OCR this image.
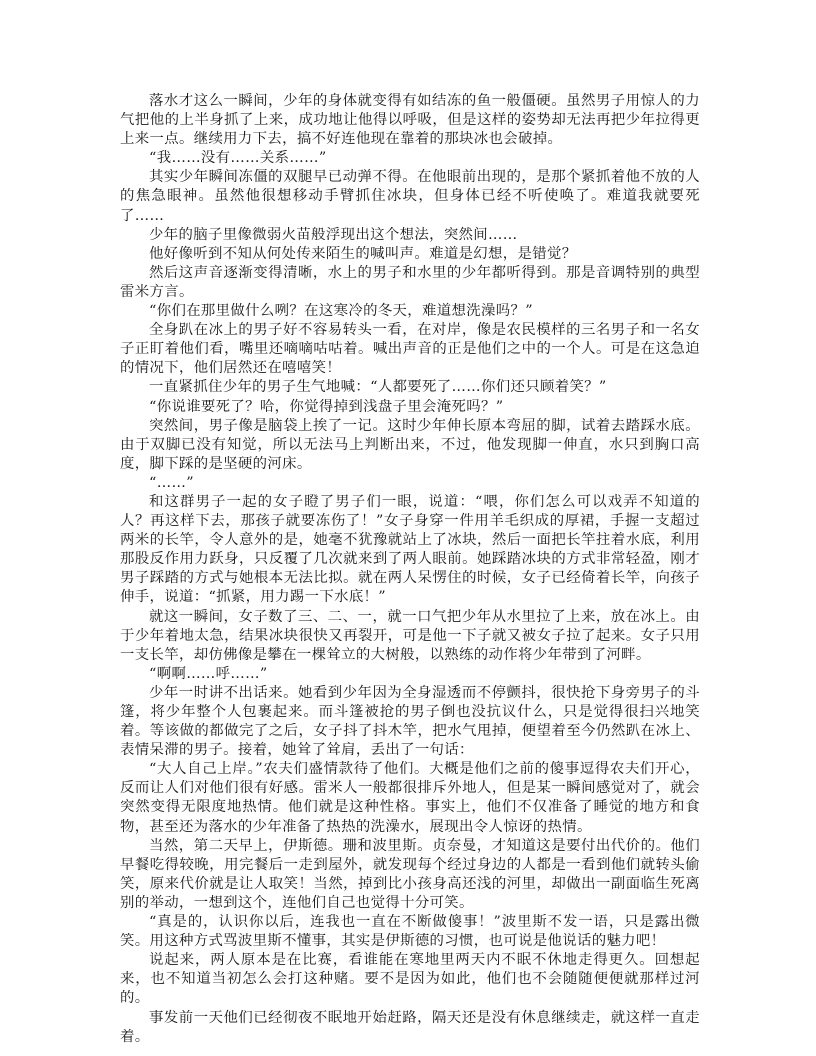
落水才这么一瞬间，少年的身体就变得有如结冻的鱼一般僵硬。虽然男子用惊人的力气把他的上半身抓了上来，成功地让他得以呼吸，但是这样的姿势却无法再把少年拉得更上来一点。继续用力下去，搞不好连他现在靠着的那块冰也会破掉。

“我……没有……关系……”

其实少年瞬间冻僵的双腿早已动弹不得。在他眼前出现的，是那个紧抓着他不放的人的焦急眼神。虽然他很想移动手臂抓住冰块，但身体已经不听使唤了。难道我就要死了……

少年的脑子里像微弱火苗般浮现出这个想法，突然间……

他好像听到不知从何处传来陌生的喊叫声。难道是幻想，是错觉？

然后这声音逐渐变得清晰，水上的男子和水里的少年都听得到。那是音调特别的典型雷米方言。

“你们在那里做什么咧？在这寒冷的冬天，难道想洗澡吗？”

全身趴在冰上的男子好不容易转头一看，在对岸，像是农民模样的三名男子和一名女子正盯着他们看，嘴里还嘀嘀咕咕着。喊出声音的正是他们之中的一个人。可是在这急迫的情况下，他们居然还在嘻嘻笑！

一直紧抓住少年的男子生气地喊：“人都要死了……你们还只顾着笑？”

“你说谁要死了？哈，你觉得掉到浅盘子里会淹死吗？”

突然间，男子像是脑袋上挨了一记。这时少年伸长原本弯屈的脚，试着去踏踩水底。由于双脚已没有知觉，所以无法马上判断出来，不过，他发现脚一伸直，水只到胸口高度，脚下踩的是坚硬的河床。

“……”

和这群男子一起的女子瞪了男子们一眼，说道：“喂，你们怎么可以戏弄不知道的人？再这样下去，那孩子就要冻伤了！”女子身穿一件用羊毛织成的厚裙，手握一支超过两米的长竿，令人意外的是，她毫不犹豫就站上了冰块，然后一面把长竿拄着水底，利用那股反作用力跃身，只反覆了几次就来到了两人眼前。她踩踏冰块的方式非常轻盈，刚才男子踩踏的方式与她根本无法比拟。就在两人呆愣住的时候，女子已经倚着长竿，向孩子伸手，说道：“抓紧，用力踢一下水底！”

就这一瞬间，女子数了三、二、一，就一口气把少年从水里拉了上来，放在冰上。由于少年着地太急，结果冰块很快又再裂开，可是他一下子就又被女子拉了起来。女子只用一支长竿，却仿佛像是攀在一棵耸立的大树般，以熟练的动作将少年带到了河畔。

“啊啊……呼……”

少年一时讲不出话来。她看到少年因为全身湿透而不停颤抖，很快抢下身旁男子的斗篷，将少年整个人包裹起来。而斗篷被抢的男子倒也没抗议什么，只是觉得很扫兴地笑着。等该做的都做完了之后，女子抖了抖木竿，把水气甩掉，便望着至今仍然趴在冰上、表情呆滞的男子。接着，她耸了耸肩，丢出了一句话：

“大人自己上岸。”农夫们盛情款待了他们。大概是他们之前的傻事逗得农夫们开心，反而让人们对他们很有好感。雷米人一般都很排斥外地人，但是某一瞬间感觉对了，就会突然变得无限度地热情。他们就是这种性格。事实上，他们不仅准备了睡觉的地方和食物，甚至还为落水的少年准备了热热的洗澡水，展现出令人惊讶的热情。

当然，第二天早上，伊斯德。珊和波里斯。贞奈曼，才知道这是要付出代价的。他们早餐吃得较晚，用完餐后一走到屋外，就发现每个经过身边的人都是一看到他们就转头偷笑，原来代价就是让人取笑！当然，掉到比小孩身高还浅的河里，却做出一副面临生死离别的举动，一想到这个，连他们自己也觉得十分可笑。

“真是的，认识你以后，连我也一直在不断做傻事！”波里斯不发一语，只是露出微笑。用这种方式骂波里斯不懂事，其实是伊斯德的习惯，也可说是他说话的魅力吧！

说起来，两人原本是在比赛，看谁能在寒地里两天内不眠不休地走得更久。回想起来，也不知道当初怎么会打这种赌。要不是因为如此，他们也不会随随便便就那样过河的。

事发前一天他们已经彻夜不眠地开始赶路，隔天还是没有休息继续走，就这样一直走着。
